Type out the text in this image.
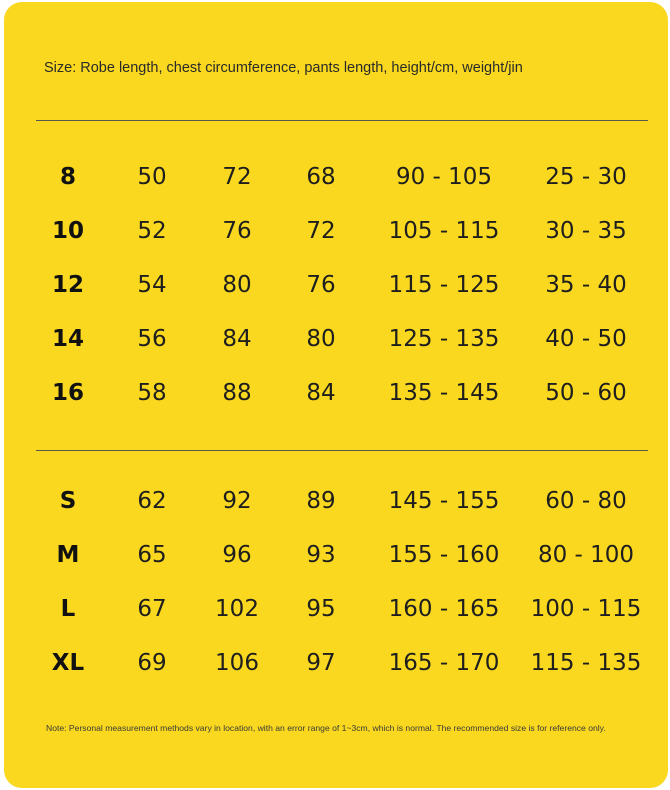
Size: Robe length, chest circumference, pants length, height/cm, weight/jin
8	50	72	68	90 - 105	25 - 30
10	52	76	72	105 - 115	30 - 35
12	54	80	76	115 - 125	35 - 40
14	56	84	80	125 - 135	40 - 50
16	58	88	84	135 - 145	50 - 60
S	62	92	89	145 - 155	60 - 80
M	65	96	93	155 - 160	80 - 100
L	67	102	95	160 - 165	100 - 115
XL	69	106	97	165 - 170	115 - 135
Note: Personal measurement methods vary in location, with an error range of 1~3cm, which is normal. The recommended size is for reference only.
